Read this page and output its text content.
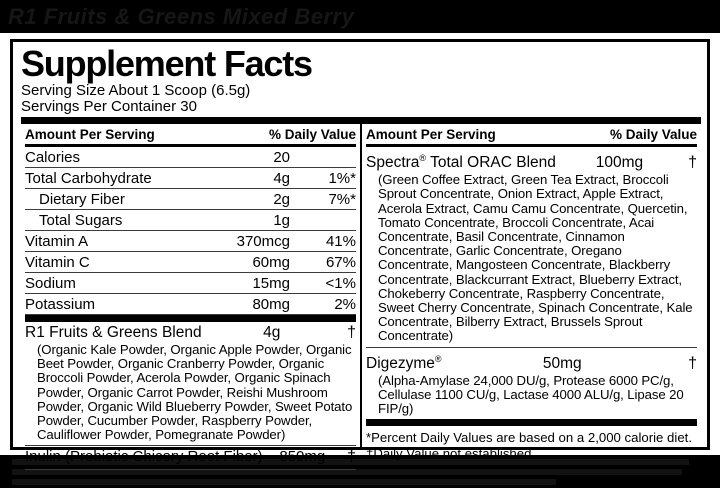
R1 Fruits & Greens Mixed Berry
Supplement Facts
Serving Size About 1 Scoop (6.5g)
Servings Per Container 30
Amount Per Serving	% Daily Value
Calories	20
Total Carbohydrate	4g	1%*
Dietary Fiber	2g	7%*
Total Sugars	1g
Vitamin A	370mcg	41%
Vitamin C	60mg	67%
Sodium	15mg	<1%
Potassium	80mg	2%
R1 Fruits & Greens Blend	4g	†
(Organic Kale Powder, Organic Apple Powder, Organic Beet Powder, Organic Cranberry Powder, Organic Broccoli Powder, Acerola Powder, Organic Spinach Powder, Organic Carrot Powder, Reishi Mushroom Powder, Organic Wild Blueberry Powder, Sweet Potato Powder, Cucumber Powder, Raspberry Powder, Cauliflower Powder, Pomegranate Powder)
Inulin (Prebiotic Chicory Root Fiber)	850mg	†
Amount Per Serving	% Daily Value
Spectra® Total ORAC Blend	100mg	†
(Green Coffee Extract, Green Tea Extract, Broccoli Sprout Concentrate, Onion Extract, Apple Extract, Acerola Extract, Camu Camu Concentrate, Quercetin, Tomato Concentrate, Broccoli Concentrate, Acai Concentrate, Basil Concentrate, Cinnamon Concentrate, Garlic Concentrate, Oregano Concentrate, Mangosteen Concentrate, Blackberry Concentrate, Blackcurrant Extract, Blueberry Extract, Chokeberry Concentrate, Raspberry Concentrate, Sweet Cherry Concentrate, Spinach Concentrate, Kale Concentrate, Bilberry Extract, Brussels Sprout Concentrate)
Digezyme®	50mg	†
(Alpha-Amylase 24,000 DU/g, Protease 6000 PC/g, Cellulase 1100 CU/g, Lactase 4000 ALU/g, Lipase 20 FIP/g)
*Percent Daily Values are based on a 2,000 calorie diet.
†Daily Value not established.
